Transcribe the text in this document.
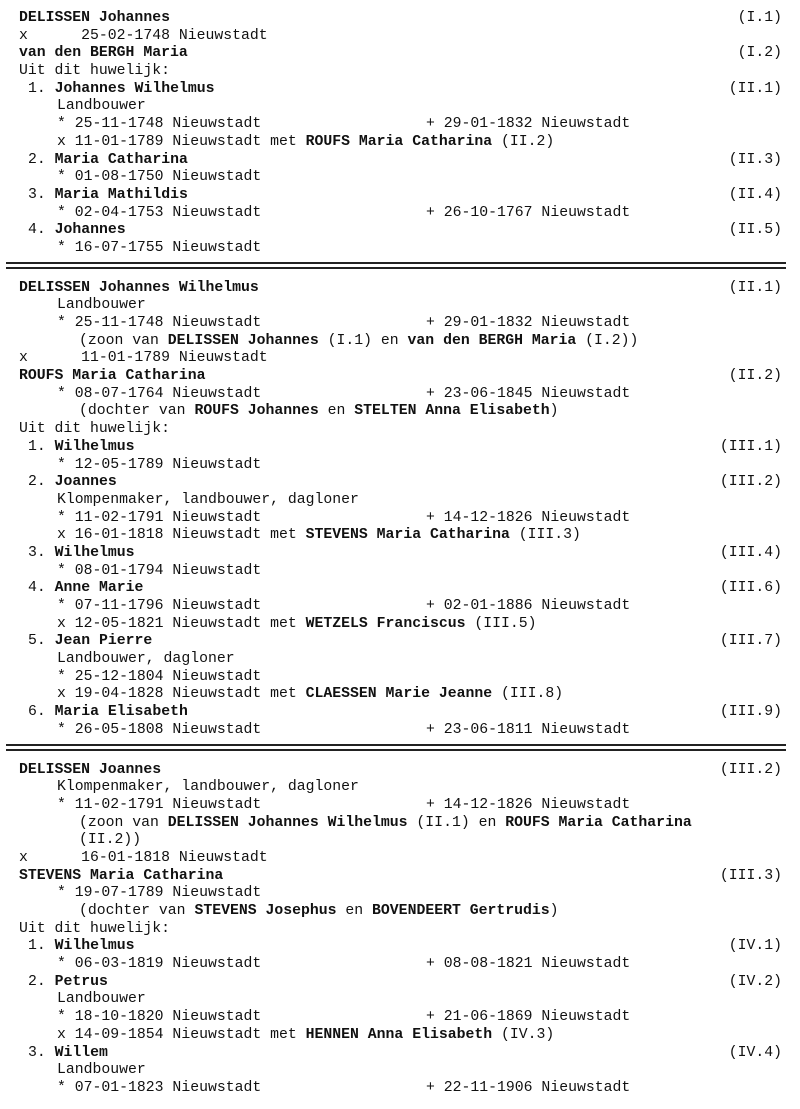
DELISSEN Johannes	(I.1)
x      25-02-1748 Nieuwstadt
van den BERGH Maria	(I.2)
Uit dit huwelijk:
1. Johannes Wilhelmus	(II.1)
Landbouwer
* 25-11-1748 Nieuwstadt	+ 29-01-1832 Nieuwstadt
x 11-01-1789 Nieuwstadt met ROUFS Maria Catharina (II.2)
2. Maria Catharina	(II.3)
* 01-08-1750 Nieuwstadt
3. Maria Mathildis	(II.4)
* 02-04-1753 Nieuwstadt	+ 26-10-1767 Nieuwstadt
4. Johannes	(II.5)
* 16-07-1755 Nieuwstadt
DELISSEN Johannes Wilhelmus	(II.1)
Landbouwer
* 25-11-1748 Nieuwstadt	+ 29-01-1832 Nieuwstadt
(zoon van DELISSEN Johannes (I.1) en van den BERGH Maria (I.2))
x      11-01-1789 Nieuwstadt
ROUFS Maria Catharina	(II.2)
* 08-07-1764 Nieuwstadt	+ 23-06-1845 Nieuwstadt
(dochter van ROUFS Johannes en STELTEN Anna Elisabeth)
Uit dit huwelijk:
1. Wilhelmus	(III.1)
* 12-05-1789 Nieuwstadt
2. Joannes	(III.2)
Klompenmaker, landbouwer, dagloner
* 11-02-1791 Nieuwstadt	+ 14-12-1826 Nieuwstadt
x 16-01-1818 Nieuwstadt met STEVENS Maria Catharina (III.3)
3. Wilhelmus	(III.4)
* 08-01-1794 Nieuwstadt
4. Anne Marie	(III.6)
* 07-11-1796 Nieuwstadt	+ 02-01-1886 Nieuwstadt
x 12-05-1821 Nieuwstadt met WETZELS Franciscus (III.5)
5. Jean Pierre	(III.7)
Landbouwer, dagloner
* 25-12-1804 Nieuwstadt
x 19-04-1828 Nieuwstadt met CLAESSEN Marie Jeanne (III.8)
6. Maria Elisabeth	(III.9)
* 26-05-1808 Nieuwstadt	+ 23-06-1811 Nieuwstadt
DELISSEN Joannes	(III.2)
Klompenmaker, landbouwer, dagloner
* 11-02-1791 Nieuwstadt	+ 14-12-1826 Nieuwstadt
(zoon van DELISSEN Johannes Wilhelmus (II.1) en ROUFS Maria Catharina
(II.2))
x      16-01-1818 Nieuwstadt
STEVENS Maria Catharina	(III.3)
* 19-07-1789 Nieuwstadt
(dochter van STEVENS Josephus en BOVENDEERT Gertrudis)
Uit dit huwelijk:
1. Wilhelmus	(IV.1)
* 06-03-1819 Nieuwstadt	+ 08-08-1821 Nieuwstadt
2. Petrus	(IV.2)
Landbouwer
* 18-10-1820 Nieuwstadt	+ 21-06-1869 Nieuwstadt
x 14-09-1854 Nieuwstadt met HENNEN Anna Elisabeth (IV.3)
3. Willem	(IV.4)
Landbouwer
* 07-01-1823 Nieuwstadt	+ 22-11-1906 Nieuwstadt
